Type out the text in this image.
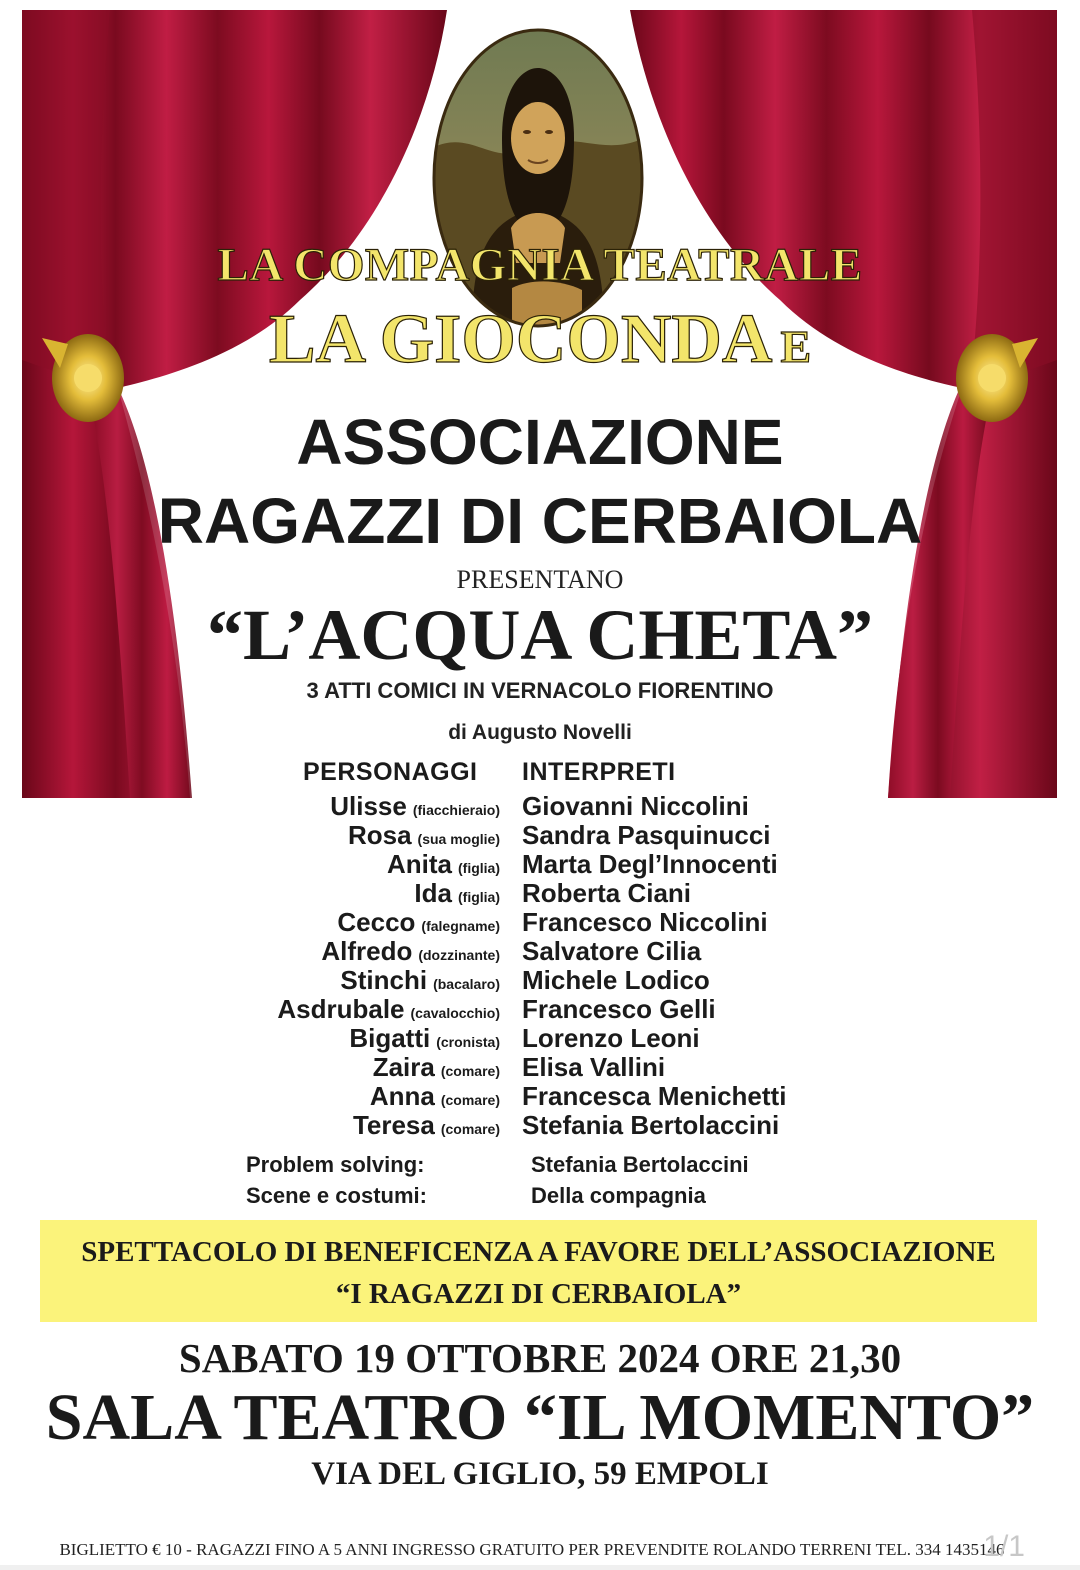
LA COMPAGNIA TEATRALE
LA GIOCONDA E
ASSOCIAZIONE
RAGAZZI DI CERBAIOLA
PRESENTANO
“L’ACQUA CHETA”
3 ATTI COMICI IN VERNACOLO FIORENTINO
di Augusto Novelli
PERSONAGGI INTERPRETI
Ulisse (fiacchieraio) Giovanni Niccolini
Rosa (sua moglie) Sandra Pasquinucci
Anita (figlia) Marta Degl’Innocenti
Ida (figlia) Roberta Ciani
Cecco (falegname) Francesco Niccolini
Alfredo (dozzinante) Salvatore Cilia
Stinchi (bacalaro) Michele Lodico
Asdrubale (cavalocchio) Francesco Gelli
Bigatti (cronista) Lorenzo Leoni
Zaira (comare) Elisa Vallini
Anna (comare) Francesca Menichetti
Teresa (comare) Stefania Bertolaccini
Problem solving:	Stefania Bertolaccini
Scene e costumi:	Della compagnia
SPETTACOLO DI BENEFICENZA A FAVORE DELL’ASSOCIAZIONE
“I RAGAZZI DI CERBAIOLA”
SABATO 19 OTTOBRE 2024 ORE 21,30
SALA TEATRO “IL MOMENTO”
VIA DEL GIGLIO, 59 EMPOLI
BIGLIETTO € 10 - RAGAZZI FINO A 5 ANNI INGRESSO GRATUITO PER PREVENDITE ROLANDO TERRENI TEL. 334 1435146
1/1
